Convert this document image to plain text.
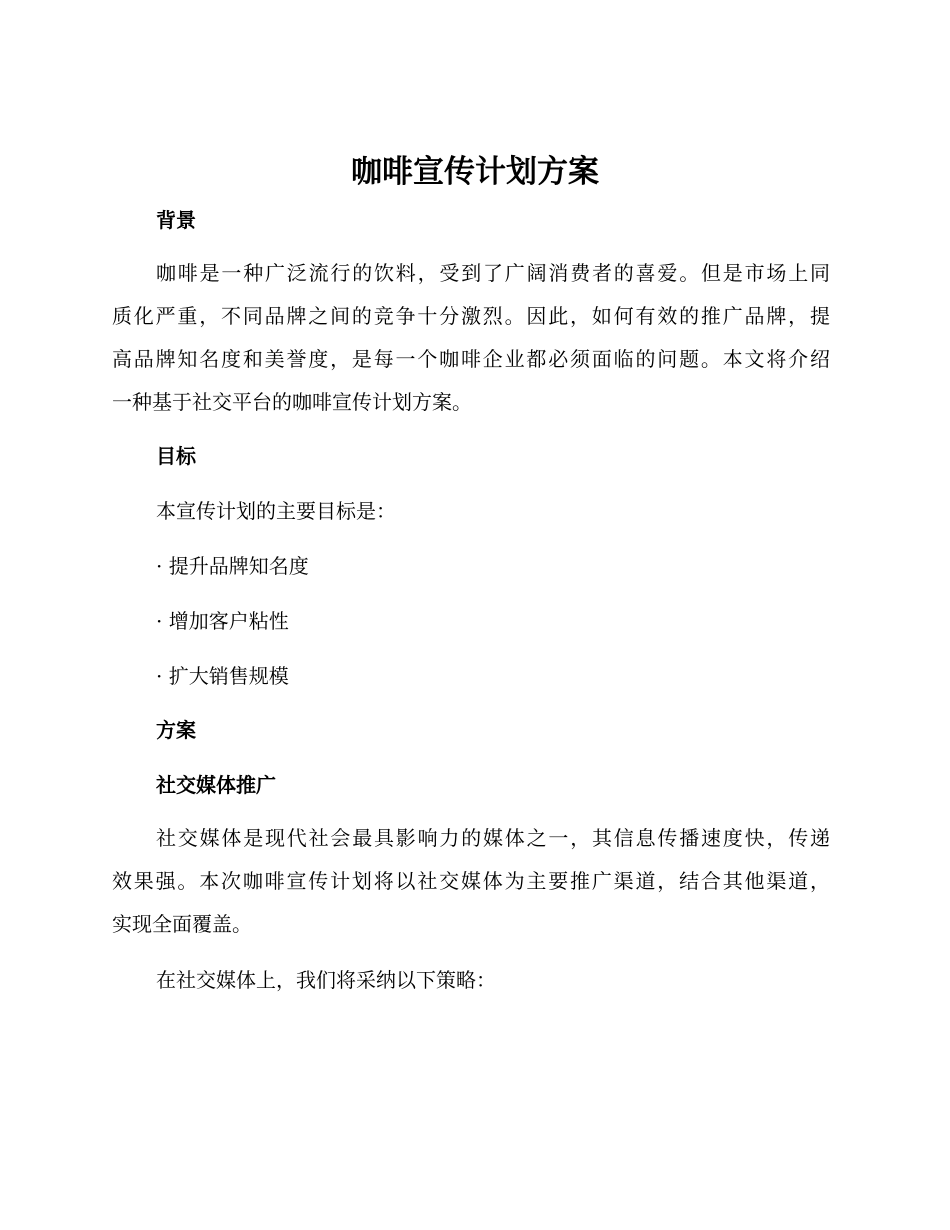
咖啡宣传计划方案
背景
咖啡是一种广泛流行的饮料，受到了广阔消费者的喜爱。但是市场上同
质化严重，不同品牌之间的竞争十分激烈。因此，如何有效的推广品牌，提
高品牌知名度和美誉度，是每一个咖啡企业都必须面临的问题。本文将介绍
一种基于社交平台的咖啡宣传计划方案。
目标

本宣传计划的主要目标是：

· 提升品牌知名度

· 增加客户粘性

· 扩大销售规模

方案
社交媒体推广
社交媒体是现代社会最具影响力的媒体之一，其信息传播速度快，传递
效果强。本次咖啡宣传计划将以社交媒体为主要推广渠道，结合其他渠道，
实现全面覆盖。

在社交媒体上，我们将采纳以下策略：
